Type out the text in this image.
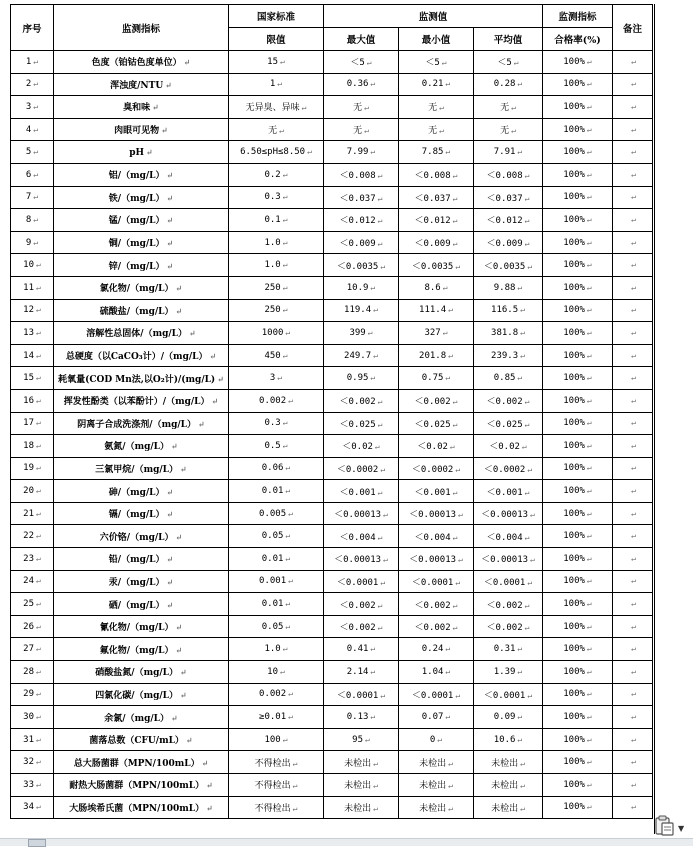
序号	监测指标	国家标准	监测值			监测指标	备注
		限值	最大值	最小值	平均值	合格率(%)	
1 ↵	色度（铂钴色度单位） ↵	15 ↵	＜5 ↵	＜5 ↵	＜5 ↵	100% ↵	↵
2 ↵	浑浊度/NTU ↵	1 ↵	0.36 ↵	0.21 ↵	0.28 ↵	100% ↵	↵
3 ↵	臭和味 ↵	无异臭、异味 ↵	无 ↵	无 ↵	无 ↵	100% ↵	↵
4 ↵	肉眼可见物 ↵	无 ↵	无 ↵	无 ↵	无 ↵	100% ↵	↵
5 ↵	pH ↵	6.50≤pH≤8.50 ↵	7.99 ↵	7.85 ↵	7.91 ↵	100% ↵	↵
6 ↵	铝/（mg/L） ↵	0.2 ↵	＜0.008 ↵	＜0.008 ↵	＜0.008 ↵	100% ↵	↵
7 ↵	铁/（mg/L） ↵	0.3 ↵	＜0.037 ↵	＜0.037 ↵	＜0.037 ↵	100% ↵	↵
8 ↵	锰/（mg/L） ↵	0.1 ↵	＜0.012 ↵	＜0.012 ↵	＜0.012 ↵	100% ↵	↵
9 ↵	铜/（mg/L） ↵	1.0 ↵	＜0.009 ↵	＜0.009 ↵	＜0.009 ↵	100% ↵	↵
10 ↵	锌/（mg/L） ↵	1.0 ↵	＜0.0035 ↵	＜0.0035 ↵	＜0.0035 ↵	100% ↵	↵
11 ↵	氯化物/（mg/L） ↵	250 ↵	10.9 ↵	8.6 ↵	9.88 ↵	100% ↵	↵
12 ↵	硫酸盐/（mg/L） ↵	250 ↵	119.4 ↵	111.4 ↵	116.5 ↵	100% ↵	↵
13 ↵	溶解性总固体/（mg/L） ↵	1000 ↵	399 ↵	327 ↵	381.8 ↵	100% ↵	↵
14 ↵	总硬度（以CaCO₃计）/（mg/L） ↵	450 ↵	249.7 ↵	201.8 ↵	239.3 ↵	100% ↵	↵
15 ↵	耗氧量(COD Mn法,以O₂计)/(mg/L) ↵	3 ↵	0.95 ↵	0.75 ↵	0.85 ↵	100% ↵	↵
16 ↵	挥发性酚类（以苯酚计）/（mg/L） ↵	0.002 ↵	＜0.002 ↵	＜0.002 ↵	＜0.002 ↵	100% ↵	↵
17 ↵	阴离子合成洗涤剂/（mg/L） ↵	0.3 ↵	＜0.025 ↵	＜0.025 ↵	＜0.025 ↵	100% ↵	↵
18 ↵	氨氮/（mg/L） ↵	0.5 ↵	＜0.02 ↵	＜0.02 ↵	＜0.02 ↵	100% ↵	↵
19 ↵	三氯甲烷/（mg/L） ↵	0.06 ↵	＜0.0002 ↵	＜0.0002 ↵	＜0.0002 ↵	100% ↵	↵
20 ↵	砷/（mg/L） ↵	0.01 ↵	＜0.001 ↵	＜0.001 ↵	＜0.001 ↵	100% ↵	↵
21 ↵	镉/（mg/L） ↵	0.005 ↵	＜0.00013 ↵	＜0.00013 ↵	＜0.00013 ↵	100% ↵	↵
22 ↵	六价铬/（mg/L） ↵	0.05 ↵	＜0.004 ↵	＜0.004 ↵	＜0.004 ↵	100% ↵	↵
23 ↵	铅/（mg/L） ↵	0.01 ↵	＜0.00013 ↵	＜0.00013 ↵	＜0.00013 ↵	100% ↵	↵
24 ↵	汞/（mg/L） ↵	0.001 ↵	＜0.0001 ↵	＜0.0001 ↵	＜0.0001 ↵	100% ↵	↵
25 ↵	硒/（mg/L） ↵	0.01 ↵	＜0.002 ↵	＜0.002 ↵	＜0.002 ↵	100% ↵	↵
26 ↵	氰化物/（mg/L） ↵	0.05 ↵	＜0.002 ↵	＜0.002 ↵	＜0.002 ↵	100% ↵	↵
27 ↵	氟化物/（mg/L） ↵	1.0 ↵	0.41 ↵	0.24 ↵	0.31 ↵	100% ↵	↵
28 ↵	硝酸盐氮/（mg/L） ↵	10 ↵	2.14 ↵	1.04 ↵	1.39 ↵	100% ↵	↵
29 ↵	四氯化碳/（mg/L） ↵	0.002 ↵	＜0.0001 ↵	＜0.0001 ↵	＜0.0001 ↵	100% ↵	↵
30 ↵	余氯/（mg/L） ↵	≥0.01 ↵	0.13 ↵	0.07 ↵	0.09 ↵	100% ↵	↵
31 ↵	菌落总数（CFU/mL） ↵	100 ↵	95 ↵	0 ↵	10.6 ↵	100% ↵	↵
32 ↵	总大肠菌群（MPN/100mL） ↵	不得检出 ↵	未检出 ↵	未检出 ↵	未检出 ↵	100% ↵	↵
33 ↵	耐热大肠菌群（MPN/100mL） ↵	不得检出 ↵	未检出 ↵	未检出 ↵	未检出 ↵	100% ↵	↵
34 ↵	大肠埃希氏菌（MPN/100mL） ↵	不得检出 ↵	未检出 ↵	未检出 ↵	未检出 ↵	100% ↵	↵
▼
